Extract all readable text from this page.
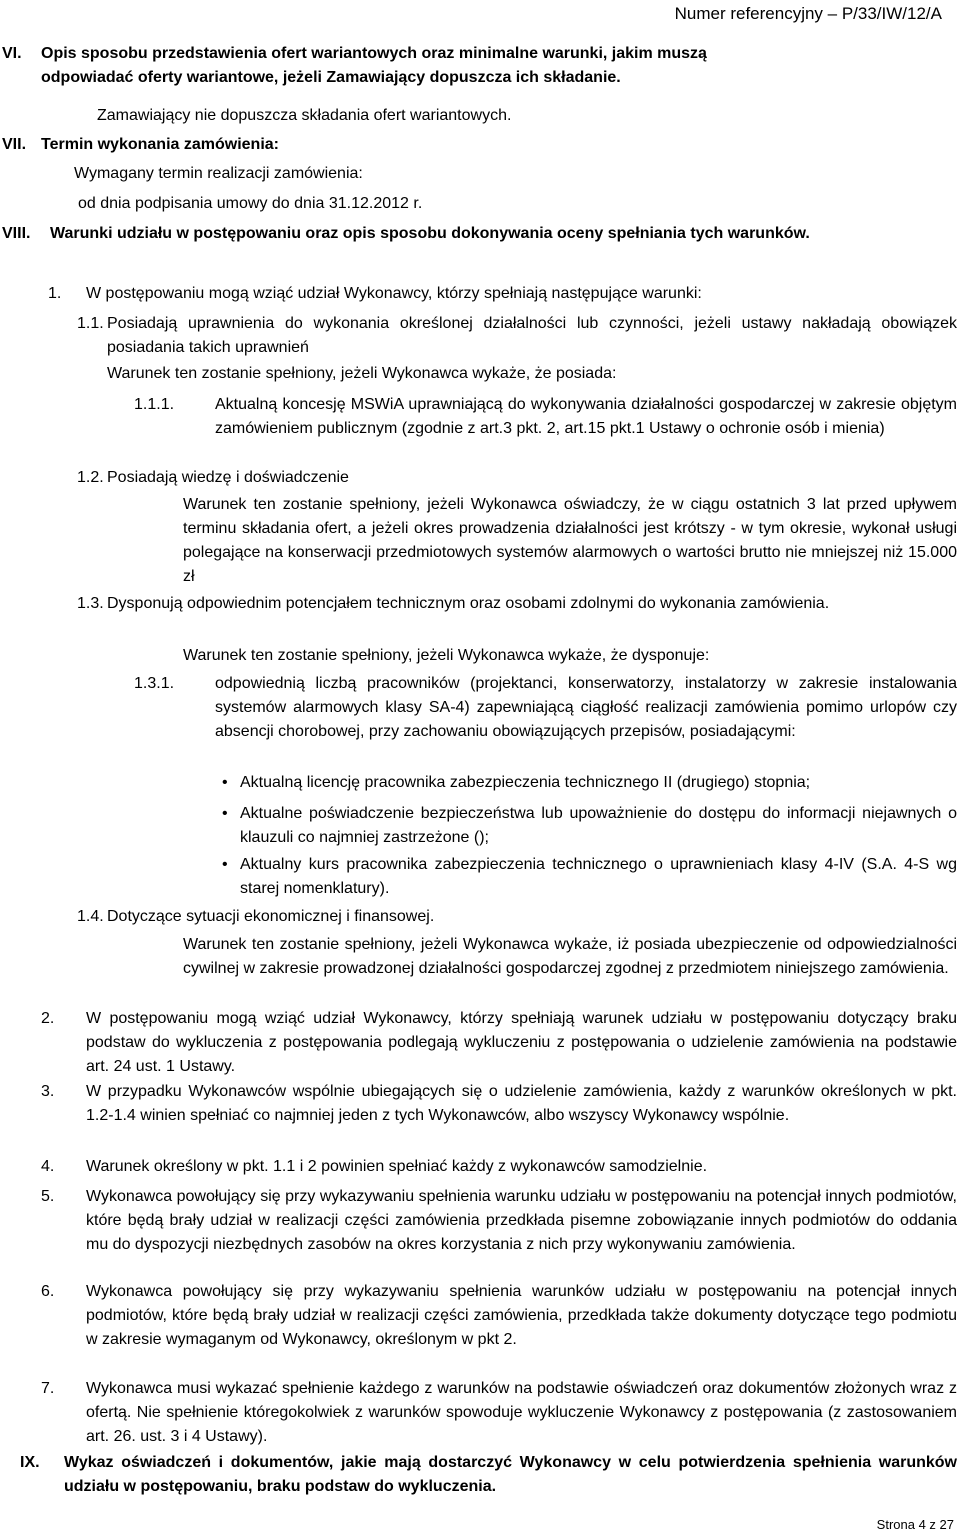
Numer referencyjny – P/33/IW/12/A
VI. Opis sposobu przedstawienia ofert wariantowych oraz minimalne warunki, jakim muszą
odpowiadać oferty wariantowe, jeżeli Zamawiający dopuszcza ich składanie.
Zamawiający nie dopuszcza składania ofert wariantowych.
VII. Termin wykonania zamówienia:
Wymagany termin realizacji zamówienia:
od dnia podpisania umowy do dnia 31.12.2012 r.
VIII.	Warunki udziału w postępowaniu oraz opis sposobu dokonywania oceny spełniania tych warunków.
1. W postępowaniu mogą wziąć udział Wykonawcy, którzy spełniają następujące warunki:
1.1. Posiadają uprawnienia do wykonania określonej działalności lub czynności, jeżeli ustawy nakładają obowiązek posiadania takich uprawnień
Warunek ten zostanie spełniony, jeżeli Wykonawca wykaże, że posiada:
1.1.1.	Aktualną koncesję MSWiA uprawniającą do wykonywania działalności gospodarczej w zakresie objętym zamówieniem publicznym (zgodnie z art.3 pkt. 2, art.15 pkt.1 Ustawy o ochronie osób i mienia)
1.2. Posiadają wiedzę i doświadczenie
Warunek ten zostanie spełniony, jeżeli Wykonawca oświadczy, że w ciągu ostatnich 3 lat przed upływem terminu składania ofert, a jeżeli okres prowadzenia działalności jest krótszy - w tym okresie, wykonał usługi polegające na konserwacji przedmiotowych systemów alarmowych o wartości brutto nie mniejszej niż 15.000 zł
1.3. Dysponują odpowiednim potencjałem technicznym oraz osobami zdolnymi do wykonania zamówienia.
Warunek ten zostanie spełniony, jeżeli Wykonawca wykaże, że dysponuje:
1.3.1.	odpowiednią liczbą pracowników (projektanci, konserwatorzy, instalatorzy w zakresie instalowania systemów alarmowych klasy SA-4) zapewniającą ciągłość realizacji zamówienia pomimo urlopów czy absencji chorobowej, przy zachowaniu obowiązujących przepisów, posiadającymi:
• Aktualną licencję pracownika zabezpieczenia technicznego II (drugiego) stopnia;
• Aktualne poświadczenie bezpieczeństwa lub upoważnienie do dostępu do informacji niejawnych o klauzuli co najmniej zastrzeżone ();
• Aktualny kurs pracownika zabezpieczenia technicznego o uprawnieniach klasy 4-IV (S.A. 4-S wg starej nomenklatury).
1.4. Dotyczące sytuacji ekonomicznej i finansowej.
Warunek ten zostanie spełniony, jeżeli Wykonawca wykaże, iż posiada ubezpieczenie od odpowiedzialności cywilnej w zakresie prowadzonej działalności gospodarczej zgodnej z przedmiotem niniejszego zamówienia.
2. W postępowaniu mogą wziąć udział Wykonawcy, którzy spełniają warunek udziału w postępowaniu dotyczący braku podstaw do wykluczenia z postępowania podlegają wykluczeniu z postępowania o udzielenie zamówienia na podstawie art. 24 ust. 1 Ustawy.
3. W przypadku Wykonawców wspólnie ubiegających się o udzielenie zamówienia, każdy z warunków określonych w pkt. 1.2-1.4 winien spełniać co najmniej jeden z tych Wykonawców, albo wszyscy Wykonawcy wspólnie.
4. Warunek określony w pkt. 1.1 i 2 powinien spełniać każdy z wykonawców samodzielnie.
5. Wykonawca powołujący się przy wykazywaniu spełnienia warunku udziału w postępowaniu na potencjał innych podmiotów, które będą brały udział w realizacji części zamówienia przedkłada pisemne zobowiązanie innych podmiotów do oddania mu do dyspozycji niezbędnych zasobów na okres korzystania z nich przy wykonywaniu zamówienia.
6. Wykonawca powołujący się przy wykazywaniu spełnienia warunków udziału w postępowaniu na potencjał innych podmiotów, które będą brały udział w realizacji części zamówienia, przedkłada także dokumenty dotyczące tego podmiotu w zakresie wymaganym od Wykonawcy, określonym w pkt 2.
7. Wykonawca musi wykazać spełnienie każdego z warunków na podstawie oświadczeń oraz dokumentów złożonych wraz z ofertą. Nie spełnienie któregokolwiek z warunków spowoduje wykluczenie Wykonawcy z postępowania (z zastosowaniem art. 26. ust. 3 i 4 Ustawy).
IX. Wykaz oświadczeń i dokumentów, jakie mają dostarczyć Wykonawcy w celu potwierdzenia spełnienia warunków udziału w postępowaniu, braku podstaw do wykluczenia.
Strona 4 z 27
